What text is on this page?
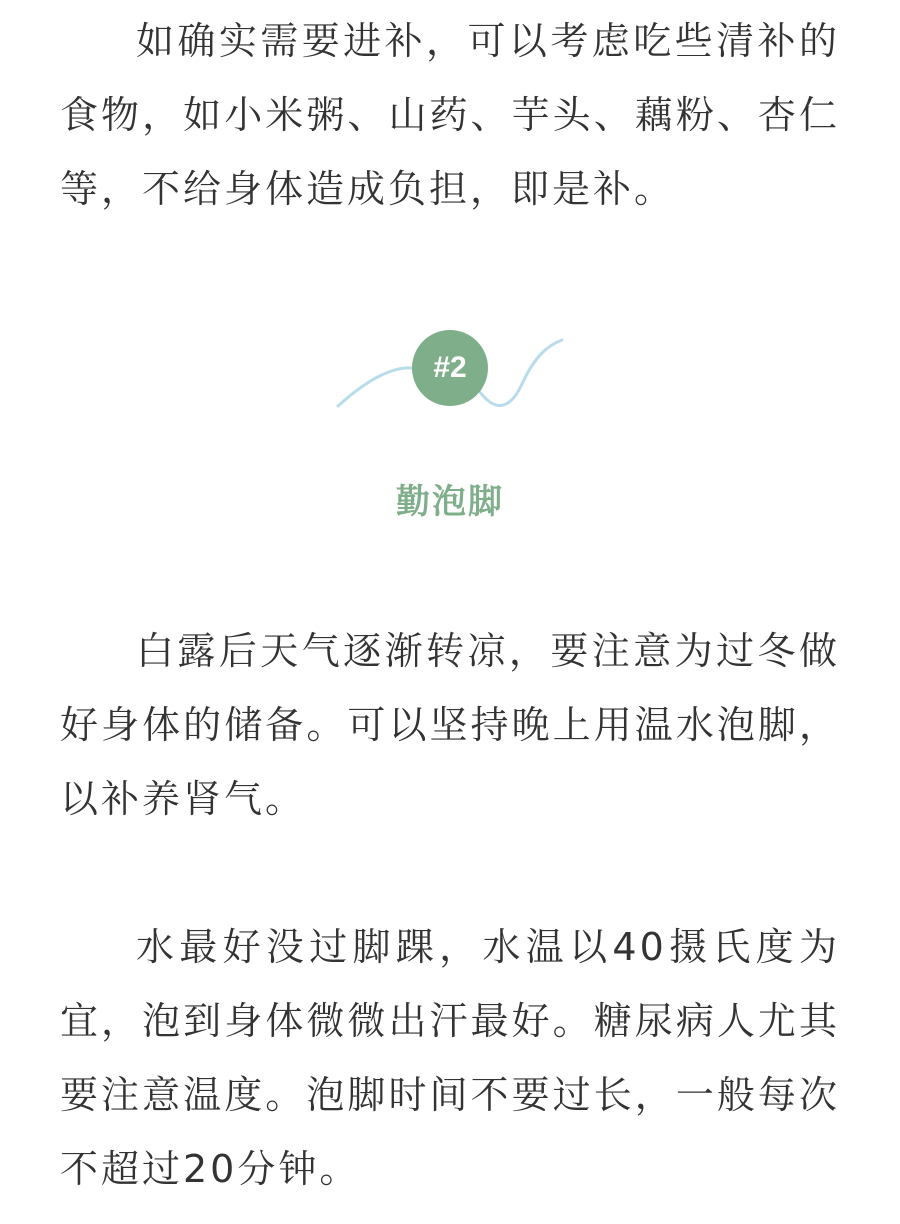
如确实需要进补，可以考虑吃些清补的食物，如小米粥、山药、芋头、藕粉、杏仁等，不给身体造成负担，即是补。

#2
勤泡脚

白露后天气逐渐转凉，要注意为过冬做好身体的储备。可以坚持晚上用温水泡脚，以补养肾气。

水最好没过脚踝，水温以40摄氏度为宜，泡到身体微微出汗最好。糖尿病人尤其要注意温度。泡脚时间不要过长，一般每次不超过20分钟。
